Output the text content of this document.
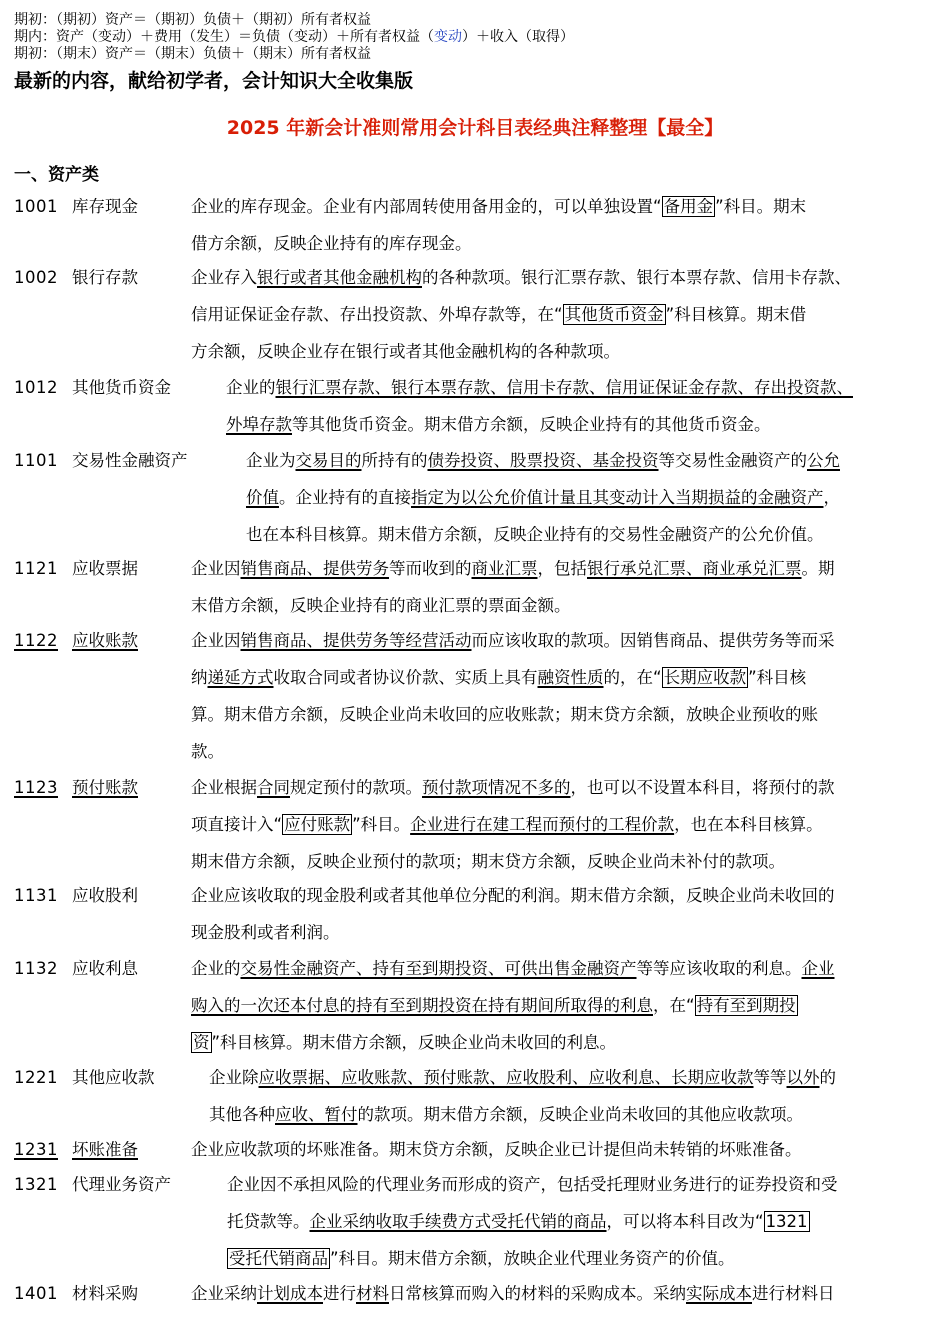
期初：（期初）资产＝（期初）负债＋（期初）所有者权益
期内：资产（变动）＋费用（发生）＝负债（变动）＋所有者权益（变动）＋收入（取得）
期初：（期末）资产＝（期末）负债＋（期末）所有者权益
最新的内容，献给初学者，会计知识大全收集版
2025 年新会计准则常用会计科目表经典注释整理【最全】
一、资产类
1001 库存现金	企业的库存现金。企业有内部周转使用备用金的，可以单独设置“ 备用金 ”科目。期末
借方余额，反映企业持有的库存现金。
1002 银行存款	企业存入银行或者其他金融机构的各种款项。银行汇票存款、银行本票存款、信用卡存款、
信用证保证金存款、存出投资款、外埠存款等，在“ 其他货币资金 ”科目核算。期末借
方余额，反映企业存在银行或者其他金融机构的各种款项。
1012 其他货币资金	企业的银行汇票存款、银行本票存款、信用卡存款、信用证保证金存款、存出投资款、
外埠存款等其他货币资金。期末借方余额，反映企业持有的其他货币资金。
1101 交易性金融资产	企业为交易目的所持有的债券投资、股票投资、基金投资等交易性金融资产的公允
价值。企业持有的直接指定为以公允价值计量且其变动计入当期损益的金融资产，
也在本科目核算。期末借方余额，反映企业持有的交易性金融资产的公允价值。
1121 应收票据	企业因销售商品、提供劳务等而收到的商业汇票，包括银行承兑汇票、商业承兑汇票。期
末借方余额，反映企业持有的商业汇票的票面金额。
1122 应收账款	企业因销售商品、提供劳务等经营活动而应该收取的款项。因销售商品、提供劳务等而采
纳递延方式收取合同或者协议价款、实质上具有融资性质的，在“ 长期应收款 ”科目核
算。期末借方余额，反映企业尚未收回的应收账款；期末贷方余额，放映企业预收的账
款。
1123 预付账款	企业根据合同规定预付的款项。预付款项情况不多的，也可以不设置本科目，将预付的款
项直接计入“ 应付账款 ”科目。企业进行在建工程而预付的工程价款，也在本科目核算。
期末借方余额，反映企业预付的款项；期末贷方余额，反映企业尚未补付的款项。
1131 应收股利	企业应该收取的现金股利或者其他单位分配的利润。期末借方余额，反映企业尚未收回的
现金股利或者利润。
1132 应收利息	企业的交易性金融资产、持有至到期投资、可供出售金融资产等等应该收取的利息。企业
购入的一次还本付息的持有至到期投资在持有期间所取得的利息，在“ 持有至到期投
资 ”科目核算。期末借方余额，反映企业尚未收回的利息。
1221 其他应收款	企业除应收票据、应收账款、预付账款、应收股利、应收利息、长期应收款等等以外的
其他各种应收、暂付的款项。期末借方余额，反映企业尚未收回的其他应收款项。
1231 坏账准备	企业应收款项的坏账准备。期末贷方余额，反映企业已计提但尚未转销的坏账准备。
1321 代理业务资产	企业因不承担风险的代理业务而形成的资产，包括受托理财业务进行的证券投资和受
托贷款等。企业采纳收取手续费方式受托代销的商品，可以将本科目改为“ 1321
受托代销商品 ”科目。期末借方余额，放映企业代理业务资产的价值。
1401 材料采购	企业采纳计划成本进行材料日常核算而购入的材料的采购成本。采纳实际成本进行材料日
